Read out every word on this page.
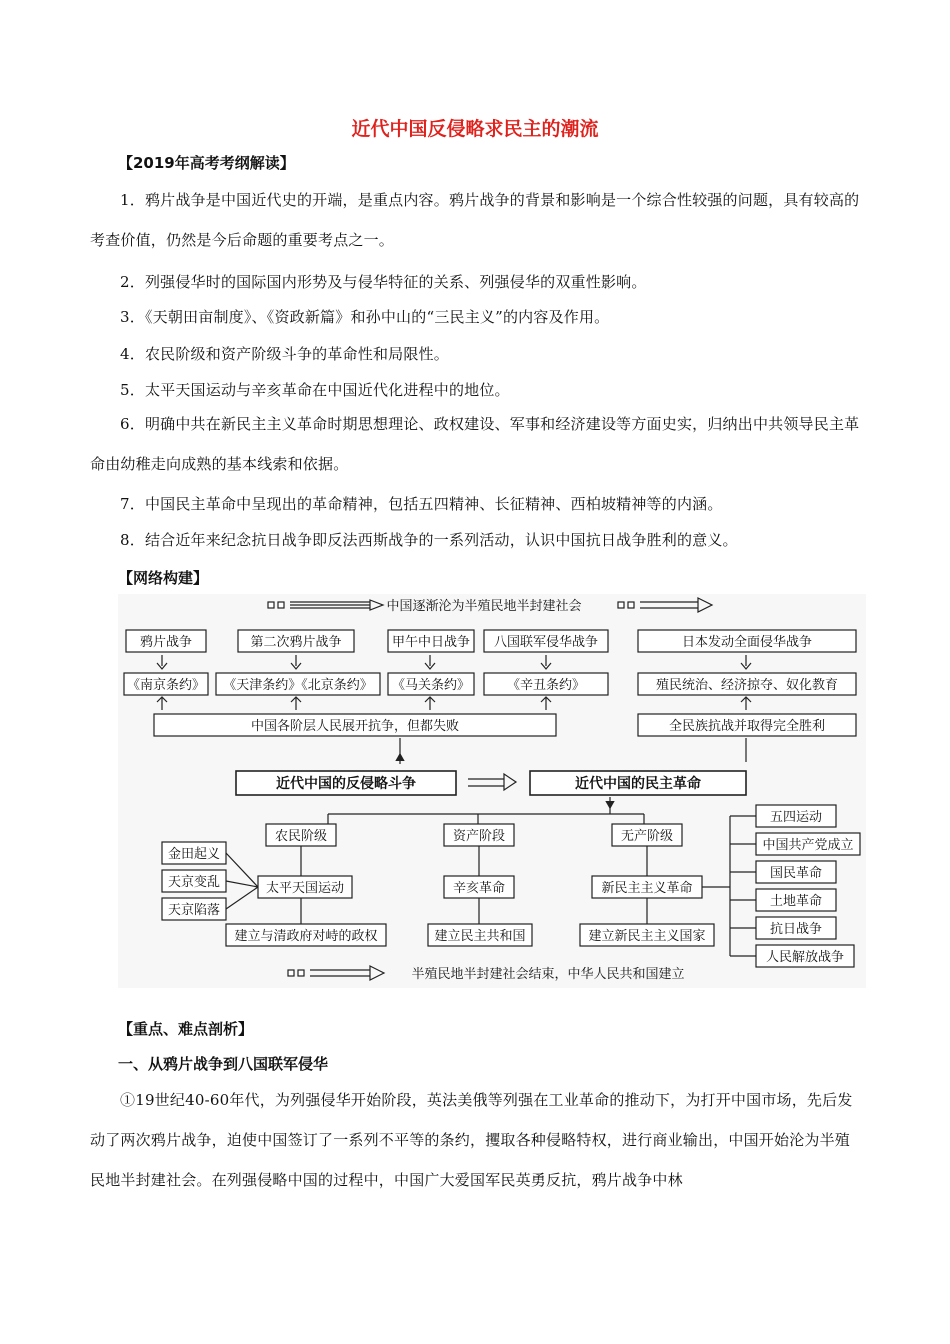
近代中国反侵略求民主的潮流
【2019年高考考纲解读】
1．鸦片战争是中国近代史的开端，是重点内容。鸦片战争的背景和影响是一个综合性较强的问题，具有较高的考查价值，仍然是今后命题的重要考点之一。
2．列强侵华时的国际国内形势及与侵华特征的关系、列强侵华的双重性影响。
3．《天朝田亩制度》、《资政新篇》和孙中山的“三民主义”的内容及作用。
4．农民阶级和资产阶级斗争的革命性和局限性。
5．太平天国运动与辛亥革命在中国近代化进程中的地位。
6．明确中共在新民主主义革命时期思想理论、政权建设、军事和经济建设等方面史实，归纳出中共领导民主革命由幼稚走向成熟的基本线索和依据。
7．中国民主革命中呈现出的革命精神，包括五四精神、长征精神、西柏坡精神等的内涵。
8．结合近年来纪念抗日战争即反法西斯战争的一系列活动，认识中国抗日战争胜利的意义。
【网络构建】
中国逐渐沦为半殖民地半封建社会
鸦片战争	第二次鸦片战争	甲午中日战争 八国联军侵华战争	日本发动全面侵华战争
《南京条约》 《天津条约》《北京条约》 《马关条约》	《辛丑条约》	殖民统治、经济掠夺、奴化教育
中国各阶层人民展开抗争，但都失败	全民族抗战并取得完全胜利
近代中国的反侵略斗争	近代中国的民主革命
农民阶级	资产阶段	无产阶级
金田起义
天京变乱
天京陷落
太平天国运动	辛亥革命	新民主主义革命
建立与清政府对峙的政权	建立民主共和国	建立新民主主义国家
五四运动
中国共产党成立
国民革命
土地革命
抗日战争
人民解放战争
半殖民地半封建社会结束，中华人民共和国建立
【重点、难点剖析】
一、从鸦片战争到八国联军侵华
①19世纪40-60年代，为列强侵华开始阶段，英法美俄等列强在工业革命的推动下，为打开中国市场，先后发动了两次鸦片战争，迫使中国签订了一系列不平等的条约，攫取各种侵略特权，进行商业输出，中国开始沦为半殖民地半封建社会。在列强侵略中国的过程中，中国广大爱国军民英勇反抗，鸦片战争中林
